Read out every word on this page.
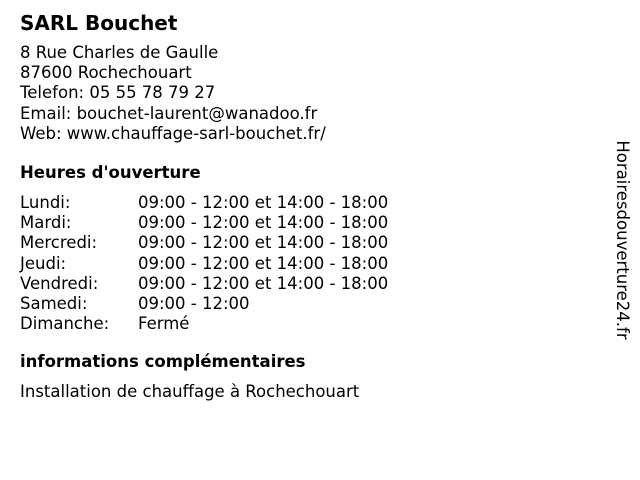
SARL Bouchet
8 Rue Charles de Gaulle
87600 Rochechouart
Telefon: 05 55 78 79 27
Email: bouchet-laurent@wanadoo.fr
Web: www.chauffage-sarl-bouchet.fr/
Heures d'ouverture
Lundi:	09:00 - 12:00 et 14:00 - 18:00
Mardi:	09:00 - 12:00 et 14:00 - 18:00
Mercredi:	09:00 - 12:00 et 14:00 - 18:00
Jeudi:	09:00 - 12:00 et 14:00 - 18:00
Vendredi:	09:00 - 12:00 et 14:00 - 18:00
Samedi:	09:00 - 12:00
Dimanche:	Fermé
informations complémentaires
Installation de chauffage à Rochechouart
Horairesdouverture24.fr
